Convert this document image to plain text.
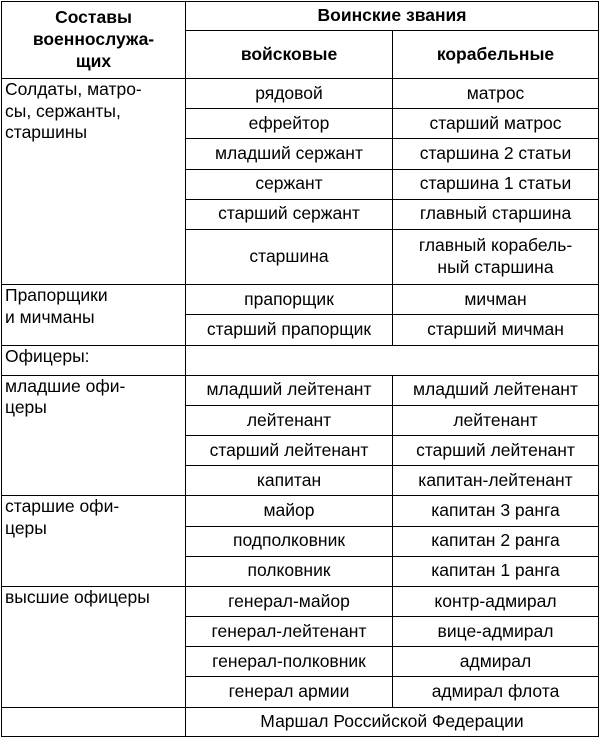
Составы
военнослужа-
щих	Воинские звания	
	войсковые	корабельные
Солдаты, матро-
сы, сержанты,
старшины	рядовой	матрос
	ефрейтор	старший матрос
	младший сержант	старшина 2 статьи
	сержант	старшина 1 статьи
	старший сержант	главный старшина
	старшина	главный корабель-
ный старшина
Прапорщики
и мичманы	прапорщик	мичман
	старший прапорщик	старший мичман
Офицеры:		
младшие офи-
церы	младший лейтенант	младший лейтенант
	лейтенант	лейтенант
	старший лейтенант	старший лейтенант
	капитан	капитан-лейтенант
старшие офи-
церы	майор	капитан 3 ранга
	подполковник	капитан 2 ранга
	полковник	капитан 1 ранга
высшие офицеры	генерал-майор	контр-адмирал
	генерал-лейтенант	вице-адмирал
	генерал-полковник	адмирал
	генерал армии	адмирал флота
	Маршал Российской Федерации	
